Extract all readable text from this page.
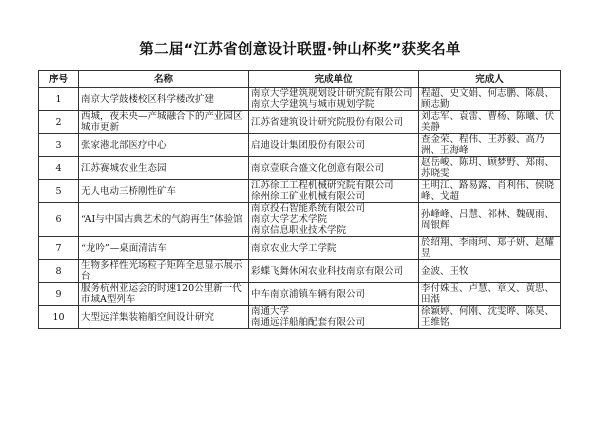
第二届“江苏省创意设计联盟·钟山杯奖”获奖名单
序号	名称	完成单位	完成人
1	南京大学鼓楼校区科学楼改扩建	南京大学建筑规划设计研究院有限公司
南京大学建筑与城市规划学院	程超、史文娟、何志鹏、陈晨、顾志勤

2	西城，夜未央—产城融合下的产业园区城市更新	江苏省建筑设计研究院股份有限公司	刘志军、袁雷、曹杨、陈曦、伏美静

3	张家港北部医疗中心	启迪设计集团股份有限公司	查金荣、程伟、王苏毅、高乃洲、王海峰

4	江苏赛城农业生态园	南京壹联合盛文化创意有限公司	赵岳峻、陈玥、顾梦野、郑雨、苏晓雯

5	无人电动三桥刚性矿车	江苏徐工工程机械研究院有限公司
徐州徐工矿业机械有限公司	王明江、路易露、肖利伟、侯晓峰、戈超

6	“AI与中国古典艺术的气韵再生”体验馆	南京投石智能系统有限公司
南京大学艺术学院
南京信息职业技术学院	孙峰峰、吕慧、祁林、魏砚雨、周银辉

7	“龙吟”—桌面清洁车	南京农业大学工学院	於绍翔、李雨珂、郑子妍、赵耀昱

8	生物多样性光场粒子矩阵全息显示展示台	彩蝶飞舞休闲农业科技南京有限公司	金波、王牧

9	服务杭州亚运会的时速120公里新一代市域A型列车	中车南京浦镇车辆有限公司	李付姝玉、卢慧、章又、黄思、田湉

10	大型远洋集装箱船空间设计研究	南通大学
南通远洋船舶配套有限公司	徐颖婷、何刚、沈雯晔、陈昊、王维铭
